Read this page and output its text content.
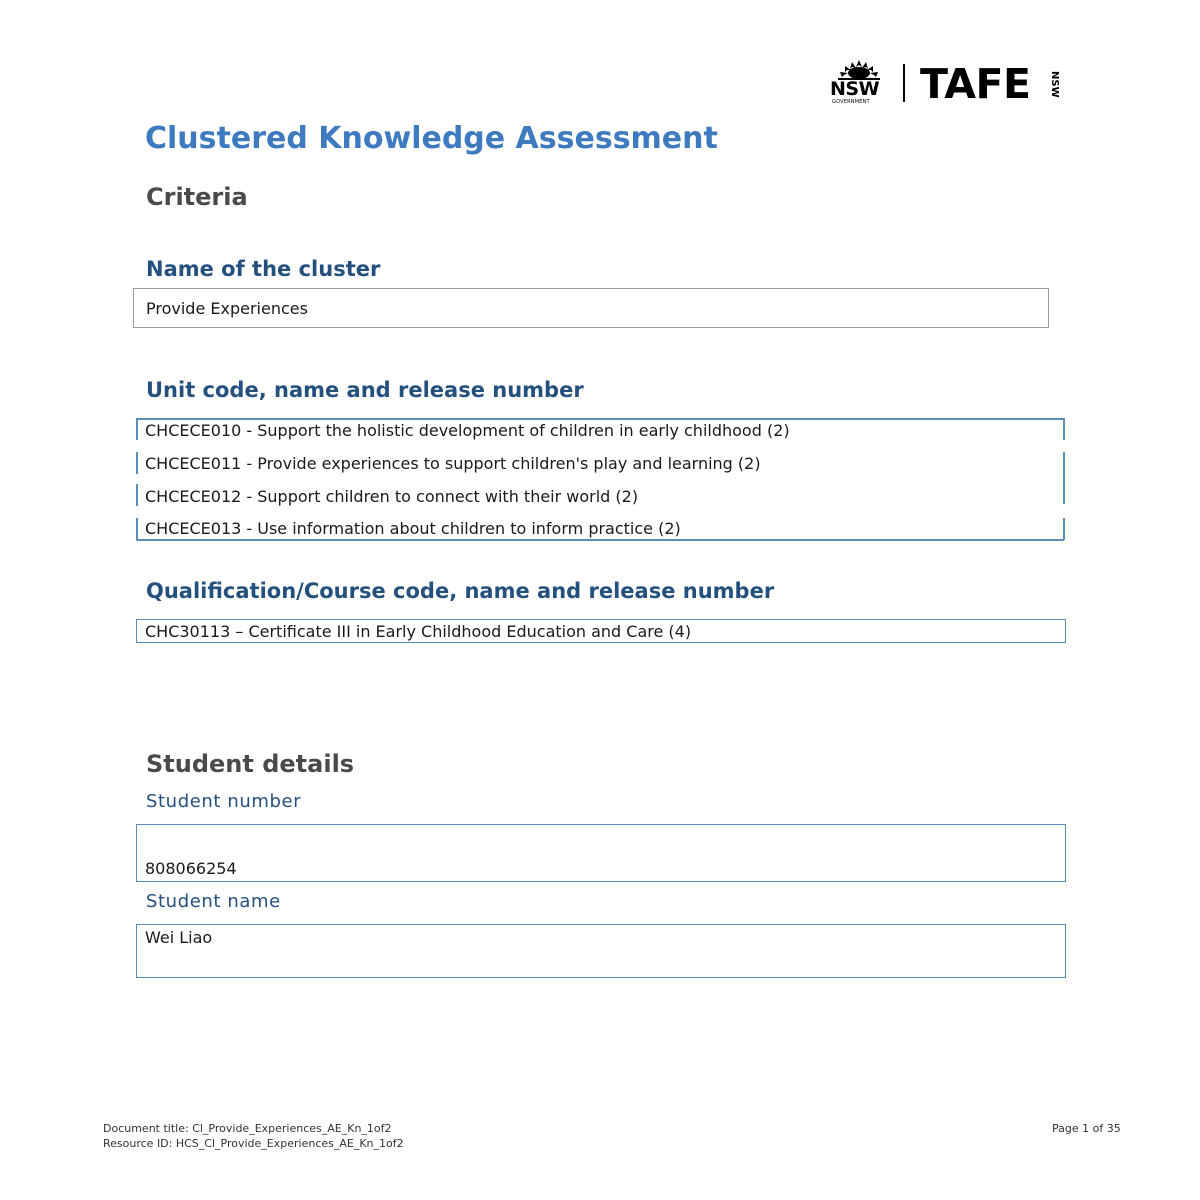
NSW
GOVERNMENT TAFE NSW
Clustered Knowledge Assessment
Criteria
Name of the cluster
Provide Experiences
Unit code, name and release number
CHCECE010 - Support the holistic development of children in early childhood (2)
CHCECE011 - Provide experiences to support children's play and learning (2)
CHCECE012 - Support children to connect with their world (2)
CHCECE013 - Use information about children to inform practice (2)
Qualification/Course code, name and release number
CHC30113 – Certificate III in Early Childhood Education and Care (4)
Student details
Student number
808066254
Student name
Wei Liao
Document title: Cl_Provide_Experiences_AE_Kn_1of2
Resource ID: HCS_Cl_Provide_Experiences_AE_Kn_1of2
Page 1 of 35
